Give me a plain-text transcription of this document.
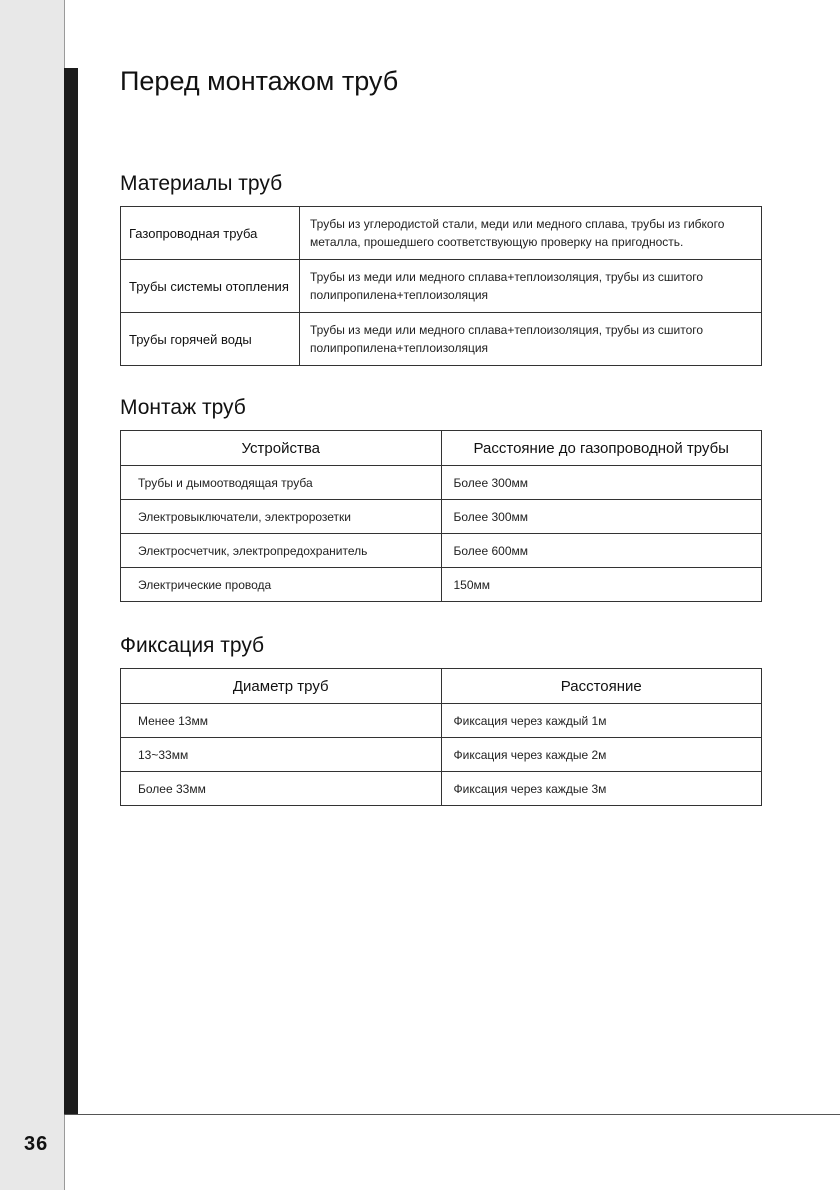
36
Перед монтажом труб
Материалы труб
Газопроводная труба	Трубы из углеродистой стали, меди или медного сплава, трубы из гибкого металла, прошедшего соответствующую проверку на пригодность.
Трубы системы отопления	Трубы из меди или медного сплава+теплоизоляция, трубы из сшитого полипропилена+теплоизоляция
Трубы горячей воды	Трубы из меди или медного сплава+теплоизоляция, трубы из сшитого полипропилена+теплоизоляция
Монтаж труб
Устройства	Расстояние до газопроводной трубы
Трубы и дымоотводящая труба	Более 300мм
Электровыключатели, электророзетки	Более 300мм
Электросчетчик, электропредохранитель	Более 600мм
Электрические провода	150мм
Фиксация труб
Диаметр труб	Расстояние
Менее 13мм	Фиксация через каждый 1м
13~33мм	Фиксация через каждые 2м
Более 33мм	Фиксация через каждые 3м
